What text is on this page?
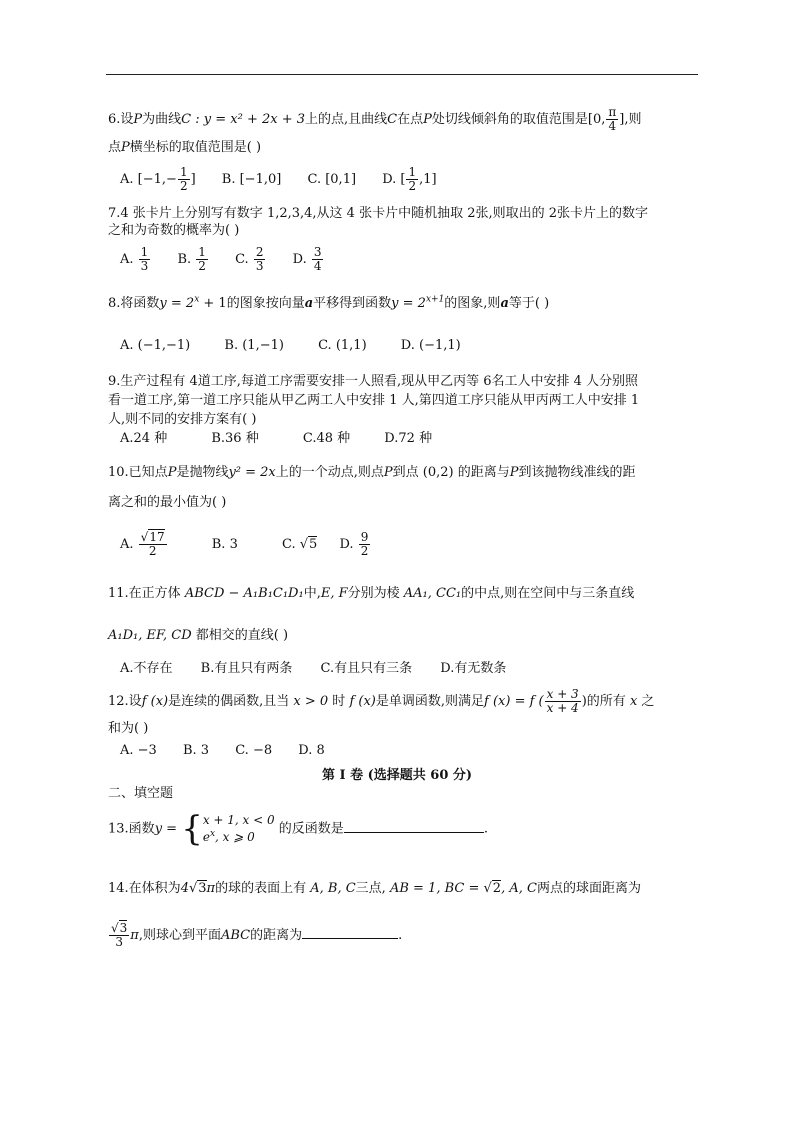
6.设P为曲线C : y = x² + 2x + 3上的点,且曲线C在点P处切线倾斜角的取值范围是[0, $\frac{\pi}{4}$ ],则
点P横坐标的取值范围是( )
A. [$-1,- \frac{1}{2}$ ] B. [−1,0] C. [0,1] D. [ $\frac{1}{2} ,1$]
7.4 张卡片上分别写有数字 1,2,3,4,从这 4 张卡片中随机抽取 2张,则取出的 2张卡片上的数字
之和为奇数的概率为( )
A. $\frac{1}{3} B$. $\frac{1}{2} C$. $\frac{2}{3} D$. $\frac{3}{4}$
8.将函数$y = 2^x + 1$的图象按向量a平移得到函数$y = 2^{x+1}$的图象,则a等于( )
A. (−1,−1)	B. (1,−1)	C. (1,1)	D. (−1,1)
9.生产过程有 4道工序,每道工序需要安排一人照看,现从甲乙丙等 6名工人中安排 4 人分别照
看一道工序,第一道工序只能从甲乙两工人中安排 1 人,第四道工序只能从甲丙两工人中安排 1
人,则不同的安排方案有( )
A.24 种	B.36 种	C.48 种	D.72 种
10.已知点P是抛物线y² = 2x上的一个动点,则点P到点 (0,2) 的距离与P到该抛物线准线的距
离之和的最小值为( )
A. $\frac{√17}{2}$	B. 3	C. √5 D. $\frac{9}{2}$
11.在正方体 ABCD − A₁B₁C₁D₁中,E, F分别为棱 AA₁, CC₁的中点,则在空间中与三条直线
A₁D₁, EF, CD 都相交的直线( )
A.不存在 B.有且只有两条 C.有且只有三条 D.有无数条
12.设f (x)是连续的偶函数,且当 x > 0 时 f (x)是单调函数,则满足f (x) = f ( $\frac{x + 3}{x + 4}$ )的所有 x 之
和为( )
A. −3 B. 3 C. −8 D. 8
第 I 卷 (选择题共 60 分)
二、填空题
13.函数y = { x + 1, x < 0
$e^x$, x ⩾ 0
的反函数是	.
14.在体积为4√3π的球的表面上有 A, B, C三点, AB = 1, BC = √2, A, C两点的球面距离为
$\frac{√3}{3} \pi$,则球心到平面ABC的距离为	.
